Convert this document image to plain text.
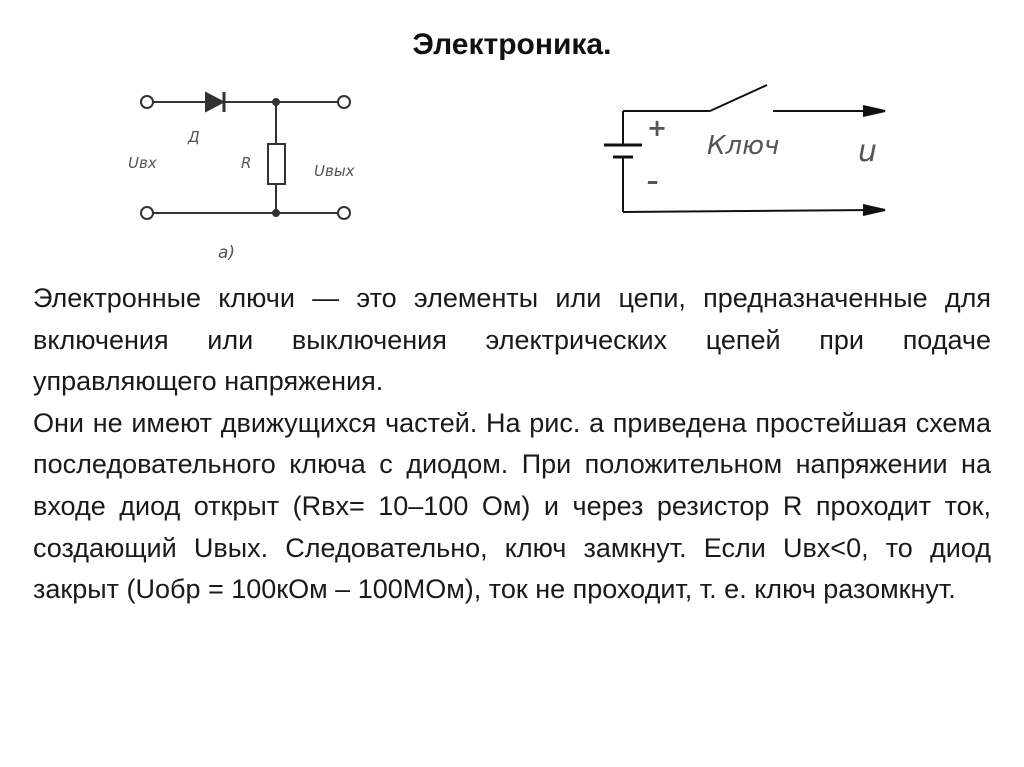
Электроника.
Д
R
Uвх	Uвых
а)
+
–
Ключ	u

Электронные ключи — это элементы или цепи, предназначенные для включения или выключения электрических цепей при подаче управляющего напряжения.

Они не имеют движущихся частей. На рис. а приведена простейшая схема последовательного ключа с диодом. При положительном напряжении на входе диод открыт (Rвх= 10–100 Ом) и через резистор R проходит ток, создающий Uвых. Следовательно, ключ замкнут. Если Uвх<0, то диод закрыт (Uобр = 100кОм – 100МОм), ток не проходит, т. е. ключ разомкнут.
